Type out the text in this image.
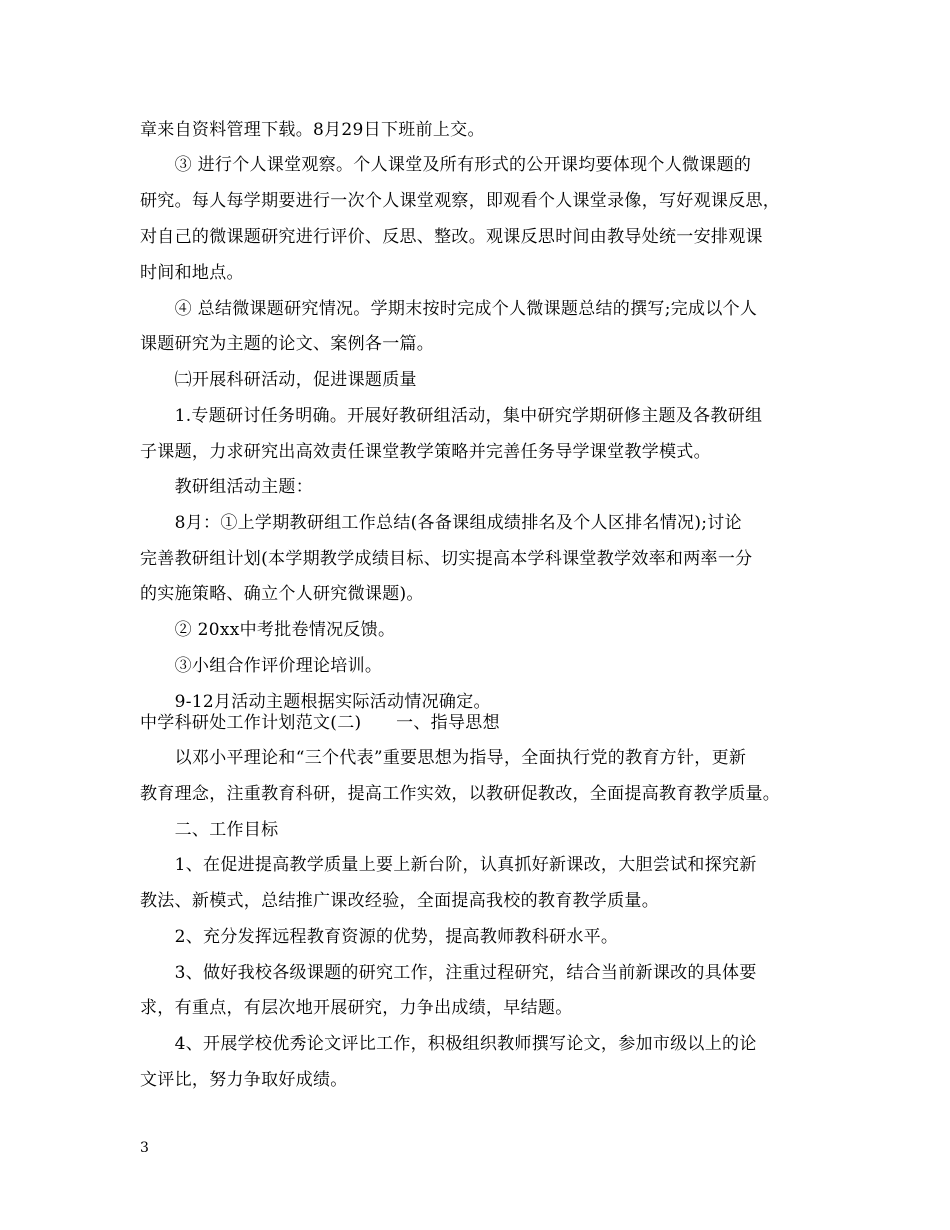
章来自资料管理下载。8月29日下班前上交。
　　③ 进行个人课堂观察。个人课堂及所有形式的公开课均要体现个人微课题的
研究。每人每学期要进行一次个人课堂观察，即观看个人课堂录像，写好观课反思，
对自己的微课题研究进行评价、反思、整改。观课反思时间由教导处统一安排观课
时间和地点。
　　④ 总结微课题研究情况。学期末按时完成个人微课题总结的撰写;完成以个人
课题研究为主题的论文、案例各一篇。
　　㈡开展科研活动，促进课题质量
　　1.专题研讨任务明确。开展好教研组活动，集中研究学期研修主题及各教研组
子课题，力求研究出高效责任课堂教学策略并完善任务导学课堂教学模式。
　　教研组活动主题：
　　8月：①上学期教研组工作总结(各备课组成绩排名及个人区排名情况);讨论
完善教研组计划(本学期教学成绩目标、切实提高本学科课堂教学效率和两率一分
的实施策略、确立个人研究微课题)。
　　② 20xx中考批卷情况反馈。
　　③小组合作评价理论培训。
　　9-12月活动主题根据实际活动情况确定。
中学科研处工作计划范文(二)　　一、指导思想
　　以邓小平理论和“三个代表”重要思想为指导，全面执行党的教育方针，更新
教育理念，注重教育科研，提高工作实效，以教研促教改，全面提高教育教学质量。
　　二、工作目标
　　1、在促进提高教学质量上要上新台阶，认真抓好新课改，大胆尝试和探究新
教法、新模式，总结推广课改经验，全面提高我校的教育教学质量。
　　2、充分发挥远程教育资源的优势，提高教师教科研水平。
　　3、做好我校各级课题的研究工作，注重过程研究，结合当前新课改的具体要
求，有重点，有层次地开展研究，力争出成绩，早结题。
　　4、开展学校优秀论文评比工作，积极组织教师撰写论文，参加市级以上的论
文评比，努力争取好成绩。
3
